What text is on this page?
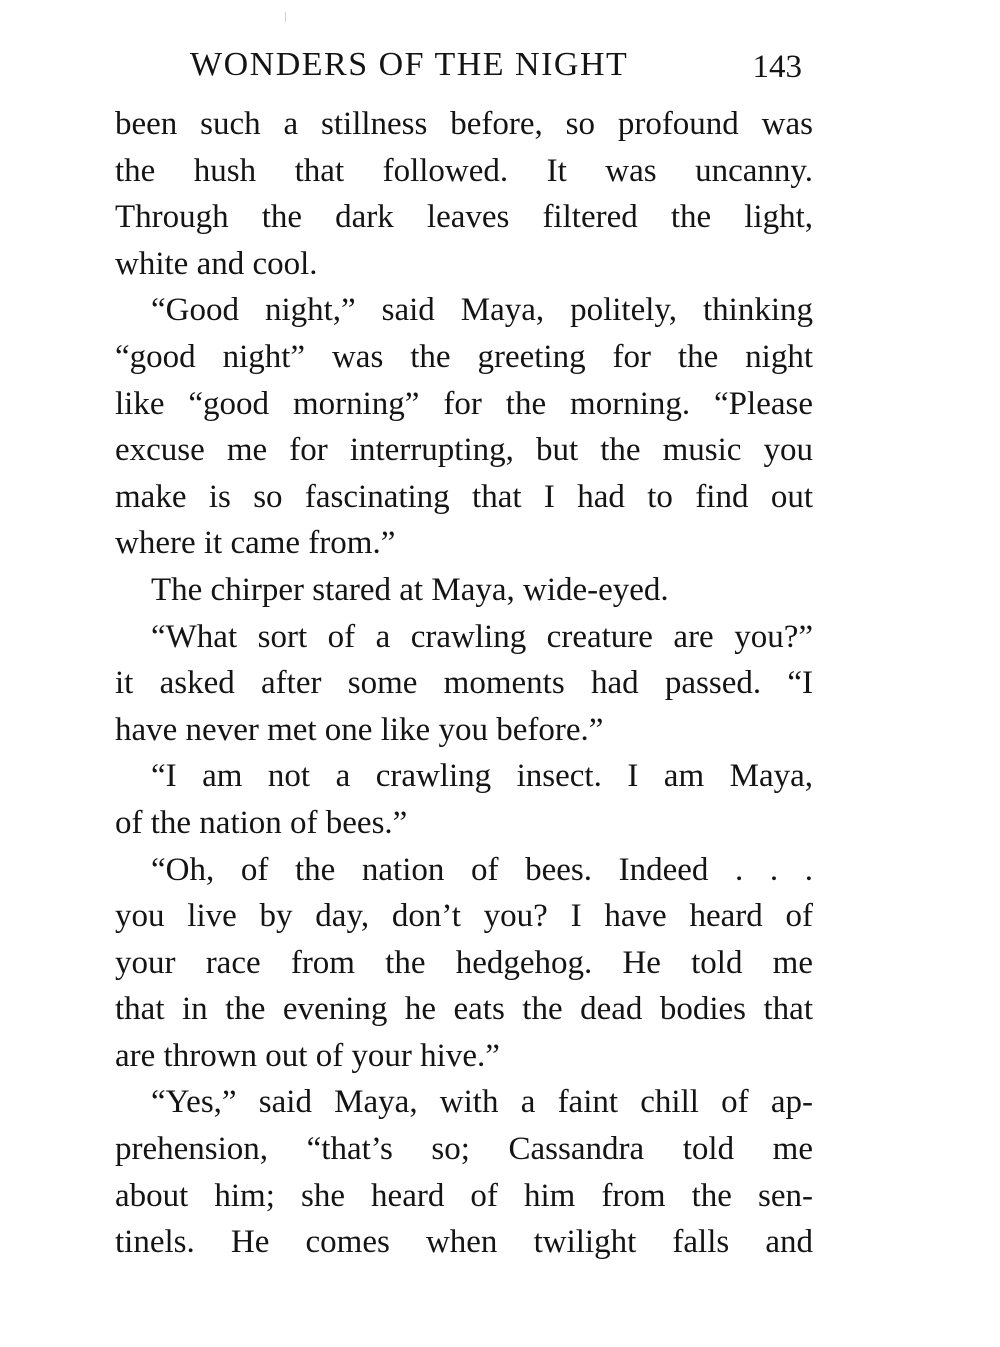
WONDERS OF THE NIGHT	143
been such a stillness before, so profound was
the hush that followed. It was uncanny.
Through the dark leaves filtered the light,
white and cool.
“Good night,” said Maya, politely, thinking
“good night” was the greeting for the night
like “good morning” for the morning. “Please
excuse me for interrupting, but the music you
make is so fascinating that I had to find out
where it came from.”
The chirper stared at Maya, wide-eyed.
“What sort of a crawling creature are you?”
it asked after some moments had passed. “I
have never met one like you before.”
“I am not a crawling insect. I am Maya,
of the nation of bees.”
“Oh, of the nation of bees. Indeed . . .
you live by day, don’t you? I have heard of
your race from the hedgehog. He told me
that in the evening he eats the dead bodies that
are thrown out of your hive.”
“Yes,” said Maya, with a faint chill of ap-
prehension, “that’s so; Cassandra told me
about him; she heard of him from the sen-
tinels. He comes when twilight falls and
